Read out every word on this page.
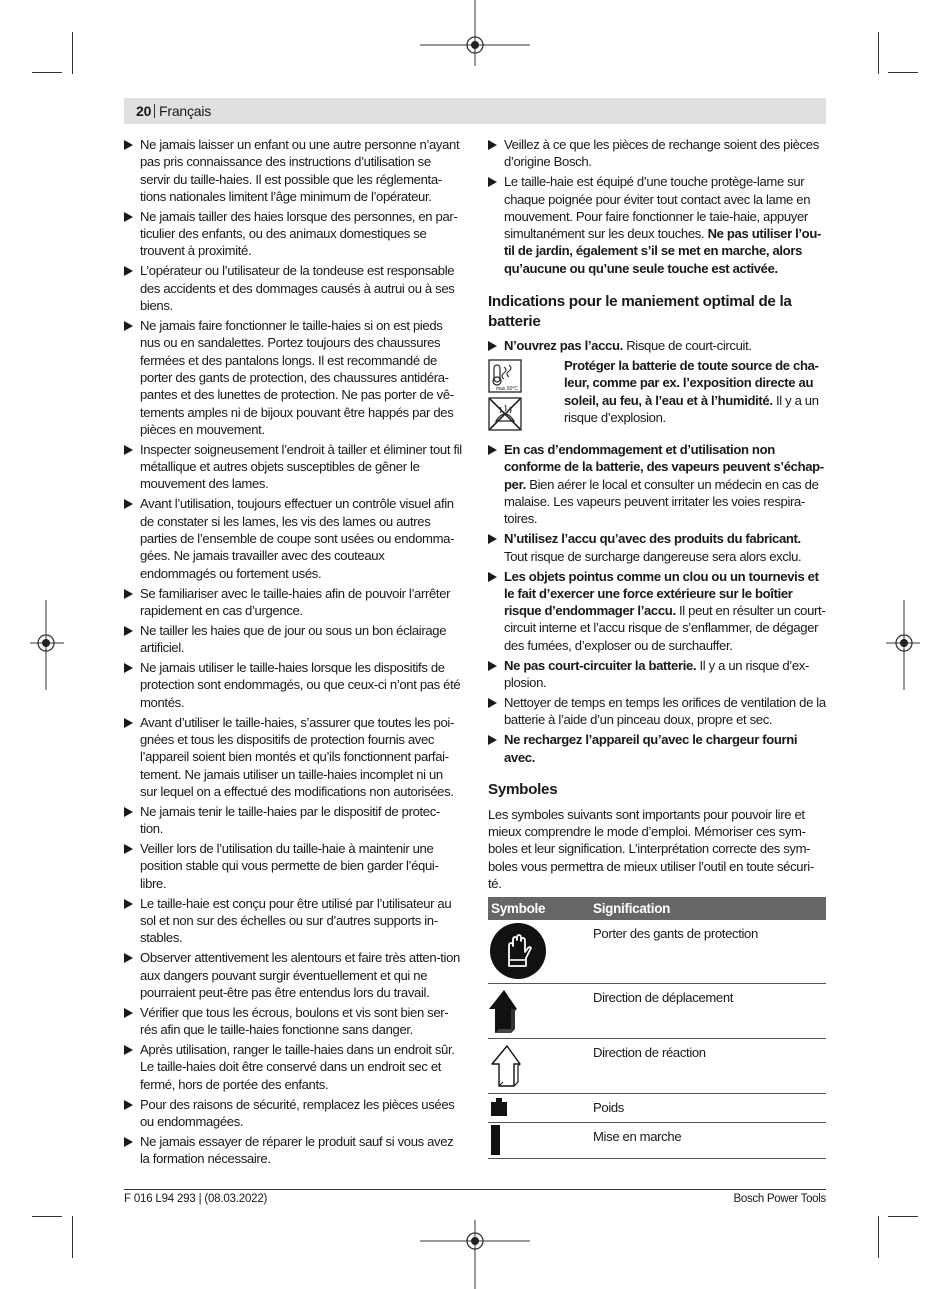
20 Français
Ne jamais laisser un enfant ou une autre personne n’ayant pas pris connaissance des instructions d’utilisation se servir du taille-haies. Il est possible que les réglementa-tions nationales limitent l’âge minimum de l’opérateur.
Ne jamais tailler des haies lorsque des personnes, en par-ticulier des enfants, ou des animaux domestiques se trouvent à proximité.
L’opérateur ou l’utilisateur de la tondeuse est responsable des accidents et des dommages causés à autrui ou à ses biens.
Ne jamais faire fonctionner le taille-haies si on est pieds nus ou en sandalettes. Portez toujours des chaussures fermées et des pantalons longs. Il est recommandé de porter des gants de protection, des chaussures antidéra-pantes et des lunettes de protection. Ne pas porter de vê-tements amples ni de bijoux pouvant être happés par des pièces en mouvement.
Inspecter soigneusement l’endroit à tailler et éliminer tout fil métallique et autres objets susceptibles de gêner le mouvement des lames.
Avant l’utilisation, toujours effectuer un contrôle visuel afin de constater si les lames, les vis des lames ou autres parties de l’ensemble de coupe sont usées ou endomma-gées. Ne jamais travailler avec des couteaux endommagés ou fortement usés.
Se familiariser avec le taille-haies afin de pouvoir l’arrêter rapidement en cas d’urgence.
Ne tailler les haies que de jour ou sous un bon éclairage artificiel.
Ne jamais utiliser le taille-haies lorsque les dispositifs de protection sont endommagés, ou que ceux-ci n’ont pas été montés.
Avant d’utiliser le taille-haies, s’assurer que toutes les poi-gnées et tous les dispositifs de protection fournis avec l’appareil soient bien montés et qu’ils fonctionnent parfai-tement. Ne jamais utiliser un taille-haies incomplet ni un sur lequel on a effectué des modifications non autorisées.
Ne jamais tenir le taille-haies par le dispositif de protec-tion.
Veiller lors de l’utilisation du taille-haie à maintenir une position stable qui vous permette de bien garder l’équi-libre.
Le taille-haie est conçu pour être utilisé par l’utilisateur au sol et non sur des échelles ou sur d’autres supports in-stables.
Observer attentivement les alentours et faire très atten-tion aux dangers pouvant surgir éventuellement et qui ne pourraient peut-être pas être entendus lors du travail.
Vérifier que tous les écrous, boulons et vis sont bien ser-rés afin que le taille-haies fonctionne sans danger.
Après utilisation, ranger le taille-haies dans un endroit sûr. Le taille-haies doit être conservé dans un endroit sec et fermé, hors de portée des enfants.
Pour des raisons de sécurité, remplacez les pièces usées ou endommagées.
Ne jamais essayer de réparer le produit sauf si vous avez la formation nécessaire.
Veillez à ce que les pièces de rechange soient des pièces d’origine Bosch.
Le taille-haie est équipé d’une touche protège-lame sur chaque poignée pour éviter tout contact avec la lame en mouvement. Pour faire fonctionner le taie-haie, appuyer simultanément sur les deux touches. Ne pas utiliser l’ou-til de jardin, également s’il se met en marche, alors qu’aucune ou qu’une seule touche est activée.
Indications pour le maniement optimal de la batterie
N’ouvrez pas l’accu. Risque de court-circuit.
max.50°C
Protéger la batterie de toute source de cha-leur, comme par ex. l’exposition directe au soleil, au feu, à l’eau et à l’humidité. Il y a un risque d’explosion.
En cas d’endommagement et d’utilisation non conforme de la batterie, des vapeurs peuvent s’échap-per. Bien aérer le local et consulter un médecin en cas de malaise. Les vapeurs peuvent irritater les voies respira-toires.
N’utilisez l’accu qu’avec des produits du fabricant. Tout risque de surcharge dangereuse sera alors exclu.
Les objets pointus comme un clou ou un tournevis et le fait d’exercer une force extérieure sur le boîtier risque d’endommager l’accu. Il peut en résulter un court-circuit interne et l’accu risque de s’enflammer, de dégager des fumées, d’exploser ou de surchauffer.
Ne pas court-circuiter la batterie. Il y a un risque d’ex-plosion.
Nettoyer de temps en temps les orifices de ventilation de la batterie à l’aide d’un pinceau doux, propre et sec.
Ne rechargez l’appareil qu’avec le chargeur fourni avec.
Symboles
Les symboles suivants sont importants pour pouvoir lire et mieux comprendre le mode d’emploi. Mémoriser ces sym-boles et leur signification. L’interprétation correcte des sym-boles vous permettra de mieux utiliser l’outil en toute sécuri-té.
Symbole	Signification
	Porter des gants de protection
	Direction de déplacement
	Direction de réaction
	Poids
	Mise en marche
F 016 L94 293 | (08.03.2022)	Bosch Power Tools
